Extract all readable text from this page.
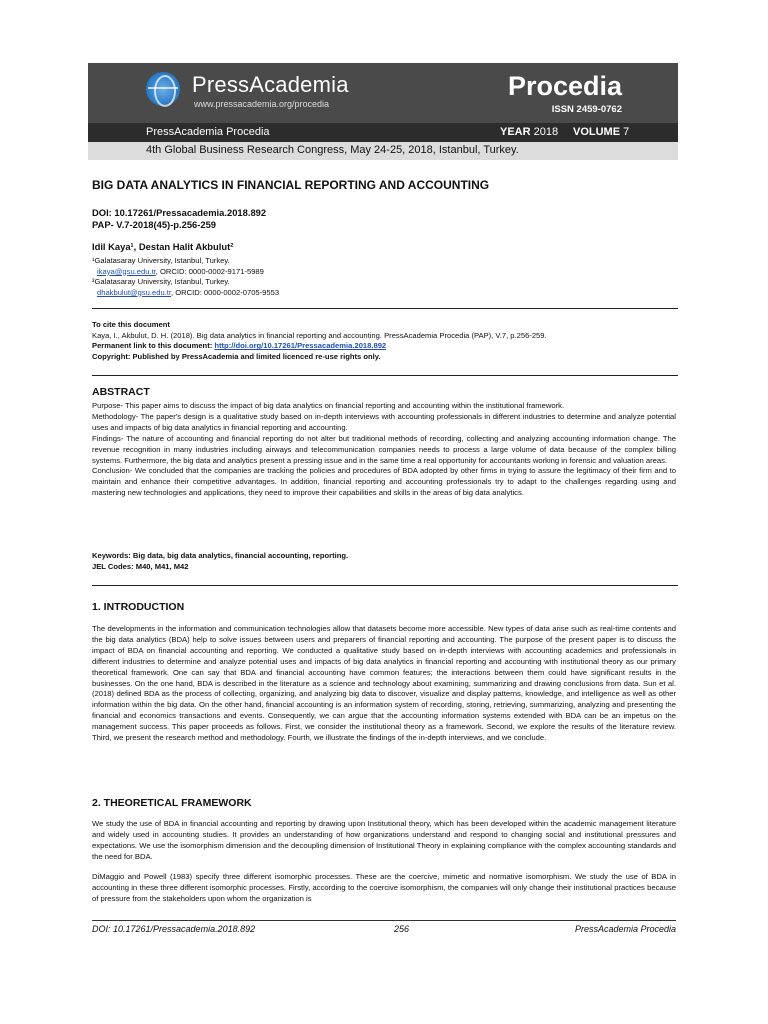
PressAcademia
www.pressacademia.org/procedia
Procedia
ISSN 2459-0762
PressAcademia Procedia	YEAR 2018 VOLUME 7
4th Global Business Research Congress, May 24-25, 2018, Istanbul, Turkey.
BIG DATA ANALYTICS IN FINANCIAL REPORTING AND ACCOUNTING
DOI: 10.17261/Pressacademia.2018.892
PAP- V.7-2018(45)-p.256-259
Idil Kaya¹, Destan Halit Akbulut²
¹Galatasaray University, Istanbul, Turkey.
ikaya@gsu.edu.tr, ORCID: 0000-0002-9171-5989
²Galatasaray University, Istanbul, Turkey.
dhakbulut@gsu.edu.tr, ORCID: 0000-0002-0705-9553
To cite this document
Kaya, I., Akbulut, D. H. (2018). Big data analytics in financial reporting and accounting. PressAcademia Procedia (PAP), V.7, p.256-259.
Permanent link to this document: http://doi.org/10.17261/Pressacademia.2018.892
Copyright: Published by PressAcademia and limited licenced re-use rights only.
ABSTRACT
Purpose- This paper aims to discuss the impact of big data analytics on financial reporting and accounting within the institutional framework.
Methodology- The paper's design is a qualitative study based on in-depth interviews with accounting professionals in different industries to determine and analyze potential uses and impacts of big data analytics in financial reporting and accounting.
Findings- The nature of accounting and financial reporting do not alter but traditional methods of recording, collecting and analyzing accounting information change. The revenue recognition in many industries including airways and telecommunication companies needs to process a large volume of data because of the complex billing systems. Furthermore, the big data and analytics present a pressing issue and in the same time a real opportunity for accountants working in forensic and valuation areas.
Conclusion- We concluded that the companies are tracking the policies and procedures of BDA adopted by other firms in trying to assure the legitimacy of their firm and to maintain and enhance their competitive advantages. In addition, financial reporting and accounting professionals try to adapt to the challenges regarding using and mastering new technologies and applications, they need to improve their capabilities and skills in the areas of big data analytics.
Keywords: Big data, big data analytics, financial accounting, reporting.
JEL Codes: M40, M41, M42
1. INTRODUCTION
The developments in the information and communication technologies allow that datasets become more accessible. New types of data arise such as real-time contents and the big data analytics (BDA) help to solve issues between users and preparers of financial reporting and accounting. The purpose of the present paper is to discuss the impact of BDA on financial accounting and reporting. We conducted a qualitative study based on in-depth interviews with accounting academics and professionals in different industries to determine and analyze potential uses and impacts of big data analytics in financial reporting and accounting with institutional theory as our primary theoretical framework. One can say that BDA and financial accounting have common features; the interactions between them could have significant results in the businesses. On the one hand, BDA is described in the literature as a science and technology about examining, summarizing and drawing conclusions from data. Sun et al. (2018) defined BDA as the process of collecting, organizing, and analyzing big data to discover, visualize and display patterns, knowledge, and intelligence as well as other information within the big data. On the other hand, financial accounting is an information system of recording, storing, retrieving, summarizing, analyzing and presenting the financial and economics transactions and events. Consequently, we can argue that the accounting information systems extended with BDA can be an impetus on the management success. This paper proceeds as follows. First, we consider the institutional theory as a framework. Second, we explore the results of the literature review. Third, we present the research method and methodology. Fourth, we illustrate the findings of the in-depth interviews, and we conclude.
2. THEORETICAL FRAMEWORK
We study the use of BDA in financial accounting and reporting by drawing upon Institutional theory, which has been developed within the academic management literature and widely used in accounting studies. It provides an understanding of how organizations understand and respond to changing social and institutional pressures and expectations. We use the isomorphism dimension and the decoupling dimension of Institutional Theory in explaining compliance with the complex accounting standards and the need for BDA.
DiMaggio and Powell (1983) specify three different isomorphic processes. These are the coercive, mimetic and normative isomorphism. We study the use of BDA in accounting in these three different isomorphic processes. Firstly, according to the coercive isomorphism, the companies will only change their institutional practices because of pressure from the stakeholders upon whom the organization is
DOI: 10.17261/Pressacademia.2018.892	256	PressAcademia Procedia
